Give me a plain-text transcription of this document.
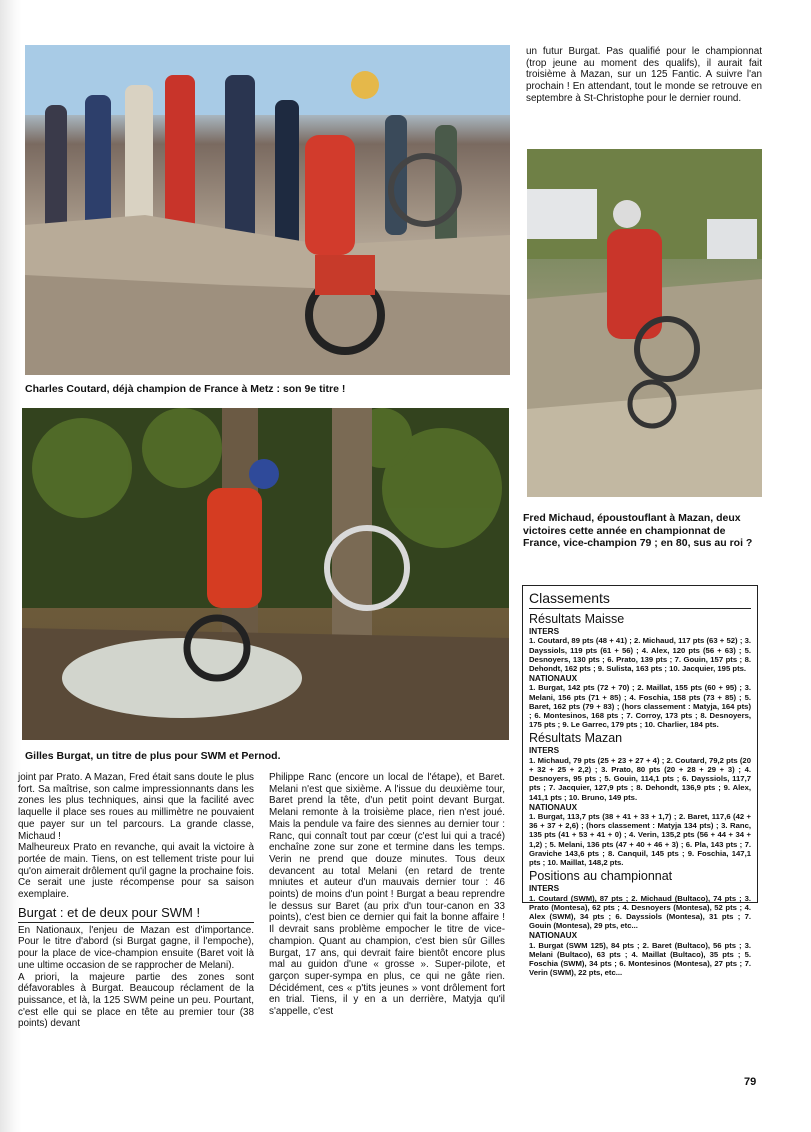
Charles Coutard, déjà champion de France à Metz : son 9e titre !
Gilles Burgat, un titre de plus pour SWM et Pernod.
Fred Michaud, époustouflant à Mazan, deux victoires cette année en championnat de France, vice-champion 79 ; en 80, sus au roi ?

un futur Burgat. Pas qualifié pour le championnat (trop jeune au moment des qualifs), il aurait fait troisième à Mazan, sur un 125 Fantic. A suivre l'an prochain ! En attendant, tout le monde se retrouve en septembre à St-Christophe pour le dernier round.

joint par Prato. A Mazan, Fred était sans doute le plus fort. Sa maîtrise, son calme impressionnants dans les zones les plus techniques, ainsi que la facilité avec laquelle il place ses roues au millimètre ne pouvaient que payer sur un tel parcours. La grande classe, Michaud !

Malheureux Prato en revanche, qui avait la victoire à portée de main. Tiens, on est tellement triste pour lui qu'on aimerait drôlement qu'il gagne la prochaine fois. Ce serait une juste récompense pour sa saison exemplaire.

Burgat : et de deux pour SWM !

En Nationaux, l'enjeu de Mazan est d'importance. Pour le titre d'abord (si Burgat gagne, il l'empoche), pour la place de vice-champion ensuite (Baret voit là une ultime occasion de se rapprocher de Melani).

A priori, la majeure partie des zones sont défavorables à Burgat. Beaucoup réclament de la puissance, et là, la 125 SWM peine un peu. Pourtant, c'est elle qui se place en tête au premier tour (38 points) devant

Philippe Ranc (encore un local de l'étape), et Baret. Melani n'est que sixième. A l'issue du deuxième tour, Baret prend la tête, d'un petit point devant Burgat. Melani remonte à la troisième place, rien n'est joué. Mais la pendule va faire des siennes au dernier tour : Ranc, qui connaît tout par cœur (c'est lui qui a tracé) enchaîne zone sur zone et termine dans les temps. Verin ne prend que douze minutes. Tous deux devancent au total Melani (en retard de trente mniutes et auteur d'un mauvais dernier tour : 46 points) de moins d'un point ! Burgat a beau reprendre le dessus sur Baret (au prix d'un tour-canon en 33 points), c'est bien ce dernier qui fait la bonne affaire ! Il devrait sans problème empocher le titre de vice-champion. Quant au champion, c'est bien sûr Gilles Burgat, 17 ans, qui devrait faire bientôt encore plus mal au guidon d'une « grosse ». Super-pilote, et garçon super-sympa en plus, ce qui ne gâte rien. Décidément, ces « p'tits jeunes » vont drôlement fort en trial. Tiens, il y en a un derrière, Matyja qu'il s'appelle, c'est

Classements
Résultats Maisse
INTERS

1. Coutard, 89 pts (48 + 41) ; 2. Michaud, 117 pts (63 + 52) ; 3. Dayssiols, 119 pts (61 + 56) ; 4. Alex, 120 pts (56 + 63) ; 5. Desnoyers, 130 pts ; 6. Prato, 139 pts ; 7. Gouin, 157 pts ; 8. Dehondt, 162 pts ; 9. Sulista, 163 pts ; 10. Jacquier, 195 pts.

NATIONAUX

1. Burgat, 142 pts (72 + 70) ; 2. Maillat, 155 pts (60 + 95) ; 3. Melani, 156 pts (71 + 85) ; 4. Foschia, 158 pts (73 + 85) ; 5. Baret, 162 pts (79 + 83) ; (hors classement : Matyja, 164 pts) ; 6. Montesinos, 168 pts ; 7. Corroy, 173 pts ; 8. Desnoyers, 175 pts ; 9. Le Garrec, 179 pts ; 10. Charlier, 184 pts.

Résultats Mazan
INTERS

1. Michaud, 79 pts (25 + 23 + 27 + 4) ; 2. Coutard, 79,2 pts (20 + 32 + 25 + 2,2) ; 3. Prato, 80 pts (20 + 28 + 29 + 3) ; 4. Desnoyers, 95 pts ; 5. Gouin, 114,1 pts ; 6. Dayssiols, 117,7 pts ; 7. Jacquier, 127,9 pts ; 8. Dehondt, 136,9 pts ; 9. Alex, 141,1 pts ; 10. Bruno, 149 pts.

NATIONAUX

1. Burgat, 113,7 pts (38 + 41 + 33 + 1,7) ; 2. Baret, 117,6 (42 + 36 + 37 + 2,6) ; (hors classement : Matyja 134 pts) ; 3. Ranc, 135 pts (41 + 53 + 41 + 0) ; 4. Verin, 135,2 pts (56 + 44 + 34 + 1,2) ; 5. Melani, 136 pts (47 + 40 + 46 + 3) ; 6. Pla, 143 pts ; 7. Graviche 143,6 pts ; 8. Canquil, 145 pts ; 9. Foschia, 147,1 pts ; 10. Maillat, 148,2 pts.

Positions au championnat
INTERS

1. Coutard (SWM), 87 pts ; 2. Michaud (Bultaco), 74 pts ; 3. Prato (Montesa), 62 pts ; 4. Desnoyers (Montesa), 52 pts ; 4. Alex (SWM), 34 pts ; 6. Dayssiols (Montesa), 31 pts ; 7. Gouin (Montesa), 29 pts, etc...

NATIONAUX

1. Burgat (SWM 125), 84 pts ; 2. Baret (Bultaco), 56 pts ; 3. Melani (Bultaco), 63 pts ; 4. Maillat (Bultaco), 35 pts ; 5. Foschia (SWM), 34 pts ; 6. Montesinos (Montesa), 27 pts ; 7. Verin (SWM), 22 pts, etc...

79
